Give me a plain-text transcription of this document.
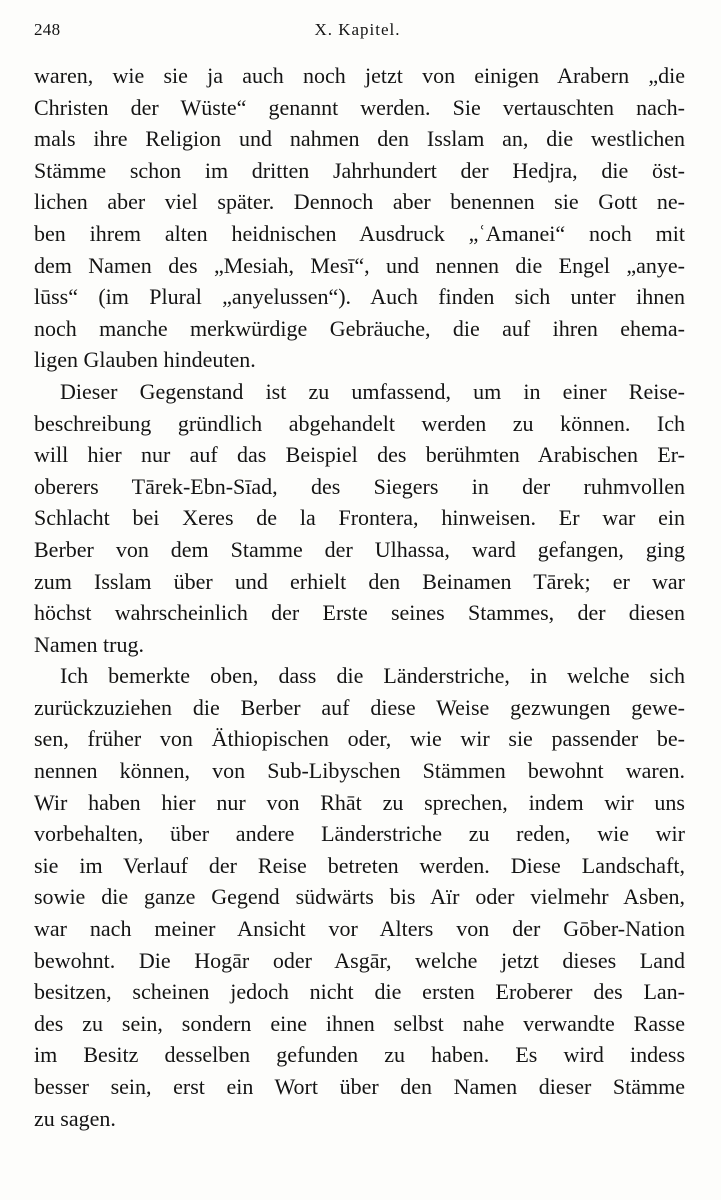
248	X. Kapitel.
waren, wie sie ja auch noch jetzt von einigen Arabern „die
Christen der Wüste“ genannt werden. Sie vertauschten nach-
mals ihre Religion und nahmen den Isslam an, die westlichen
Stämme schon im dritten Jahrhundert der Hedjra, die öst-
lichen aber viel später. Dennoch aber benennen sie Gott ne-
ben ihrem alten heidnischen Ausdruck „ʿAmanei“ noch mit
dem Namen des „Mesiah, Mesī“, und nennen die Engel „anye-
lūss“ (im Plural „anyelussen“). Auch finden sich unter ihnen
noch manche merkwürdige Gebräuche, die auf ihren ehema-
ligen Glauben hindeuten.
Dieser Gegenstand ist zu umfassend, um in einer Reise-
beschreibung gründlich abgehandelt werden zu können. Ich
will hier nur auf das Beispiel des berühmten Arabischen Er-
oberers Tārek-Ebn-Sīad, des Siegers in der ruhmvollen
Schlacht bei Xeres de la Frontera, hinweisen. Er war ein
Berber von dem Stamme der Ulhassa, ward gefangen, ging
zum Isslam über und erhielt den Beinamen Tārek; er war
höchst wahrscheinlich der Erste seines Stammes, der diesen
Namen trug.
Ich bemerkte oben, dass die Länderstriche, in welche sich
zurückzuziehen die Berber auf diese Weise gezwungen gewe-
sen, früher von Äthiopischen oder, wie wir sie passender be-
nennen können, von Sub-Libyschen Stämmen bewohnt waren.
Wir haben hier nur von Rhāt zu sprechen, indem wir uns
vorbehalten, über andere Länderstriche zu reden, wie wir
sie im Verlauf der Reise betreten werden. Diese Landschaft,
sowie die ganze Gegend südwärts bis Aïr oder vielmehr Asben,
war nach meiner Ansicht vor Alters von der Gōber-Nation
bewohnt. Die Hogār oder Asgār, welche jetzt dieses Land
besitzen, scheinen jedoch nicht die ersten Eroberer des Lan-
des zu sein, sondern eine ihnen selbst nahe verwandte Rasse
im Besitz desselben gefunden zu haben. Es wird indess
besser sein, erst ein Wort über den Namen dieser Stämme
zu sagen.
